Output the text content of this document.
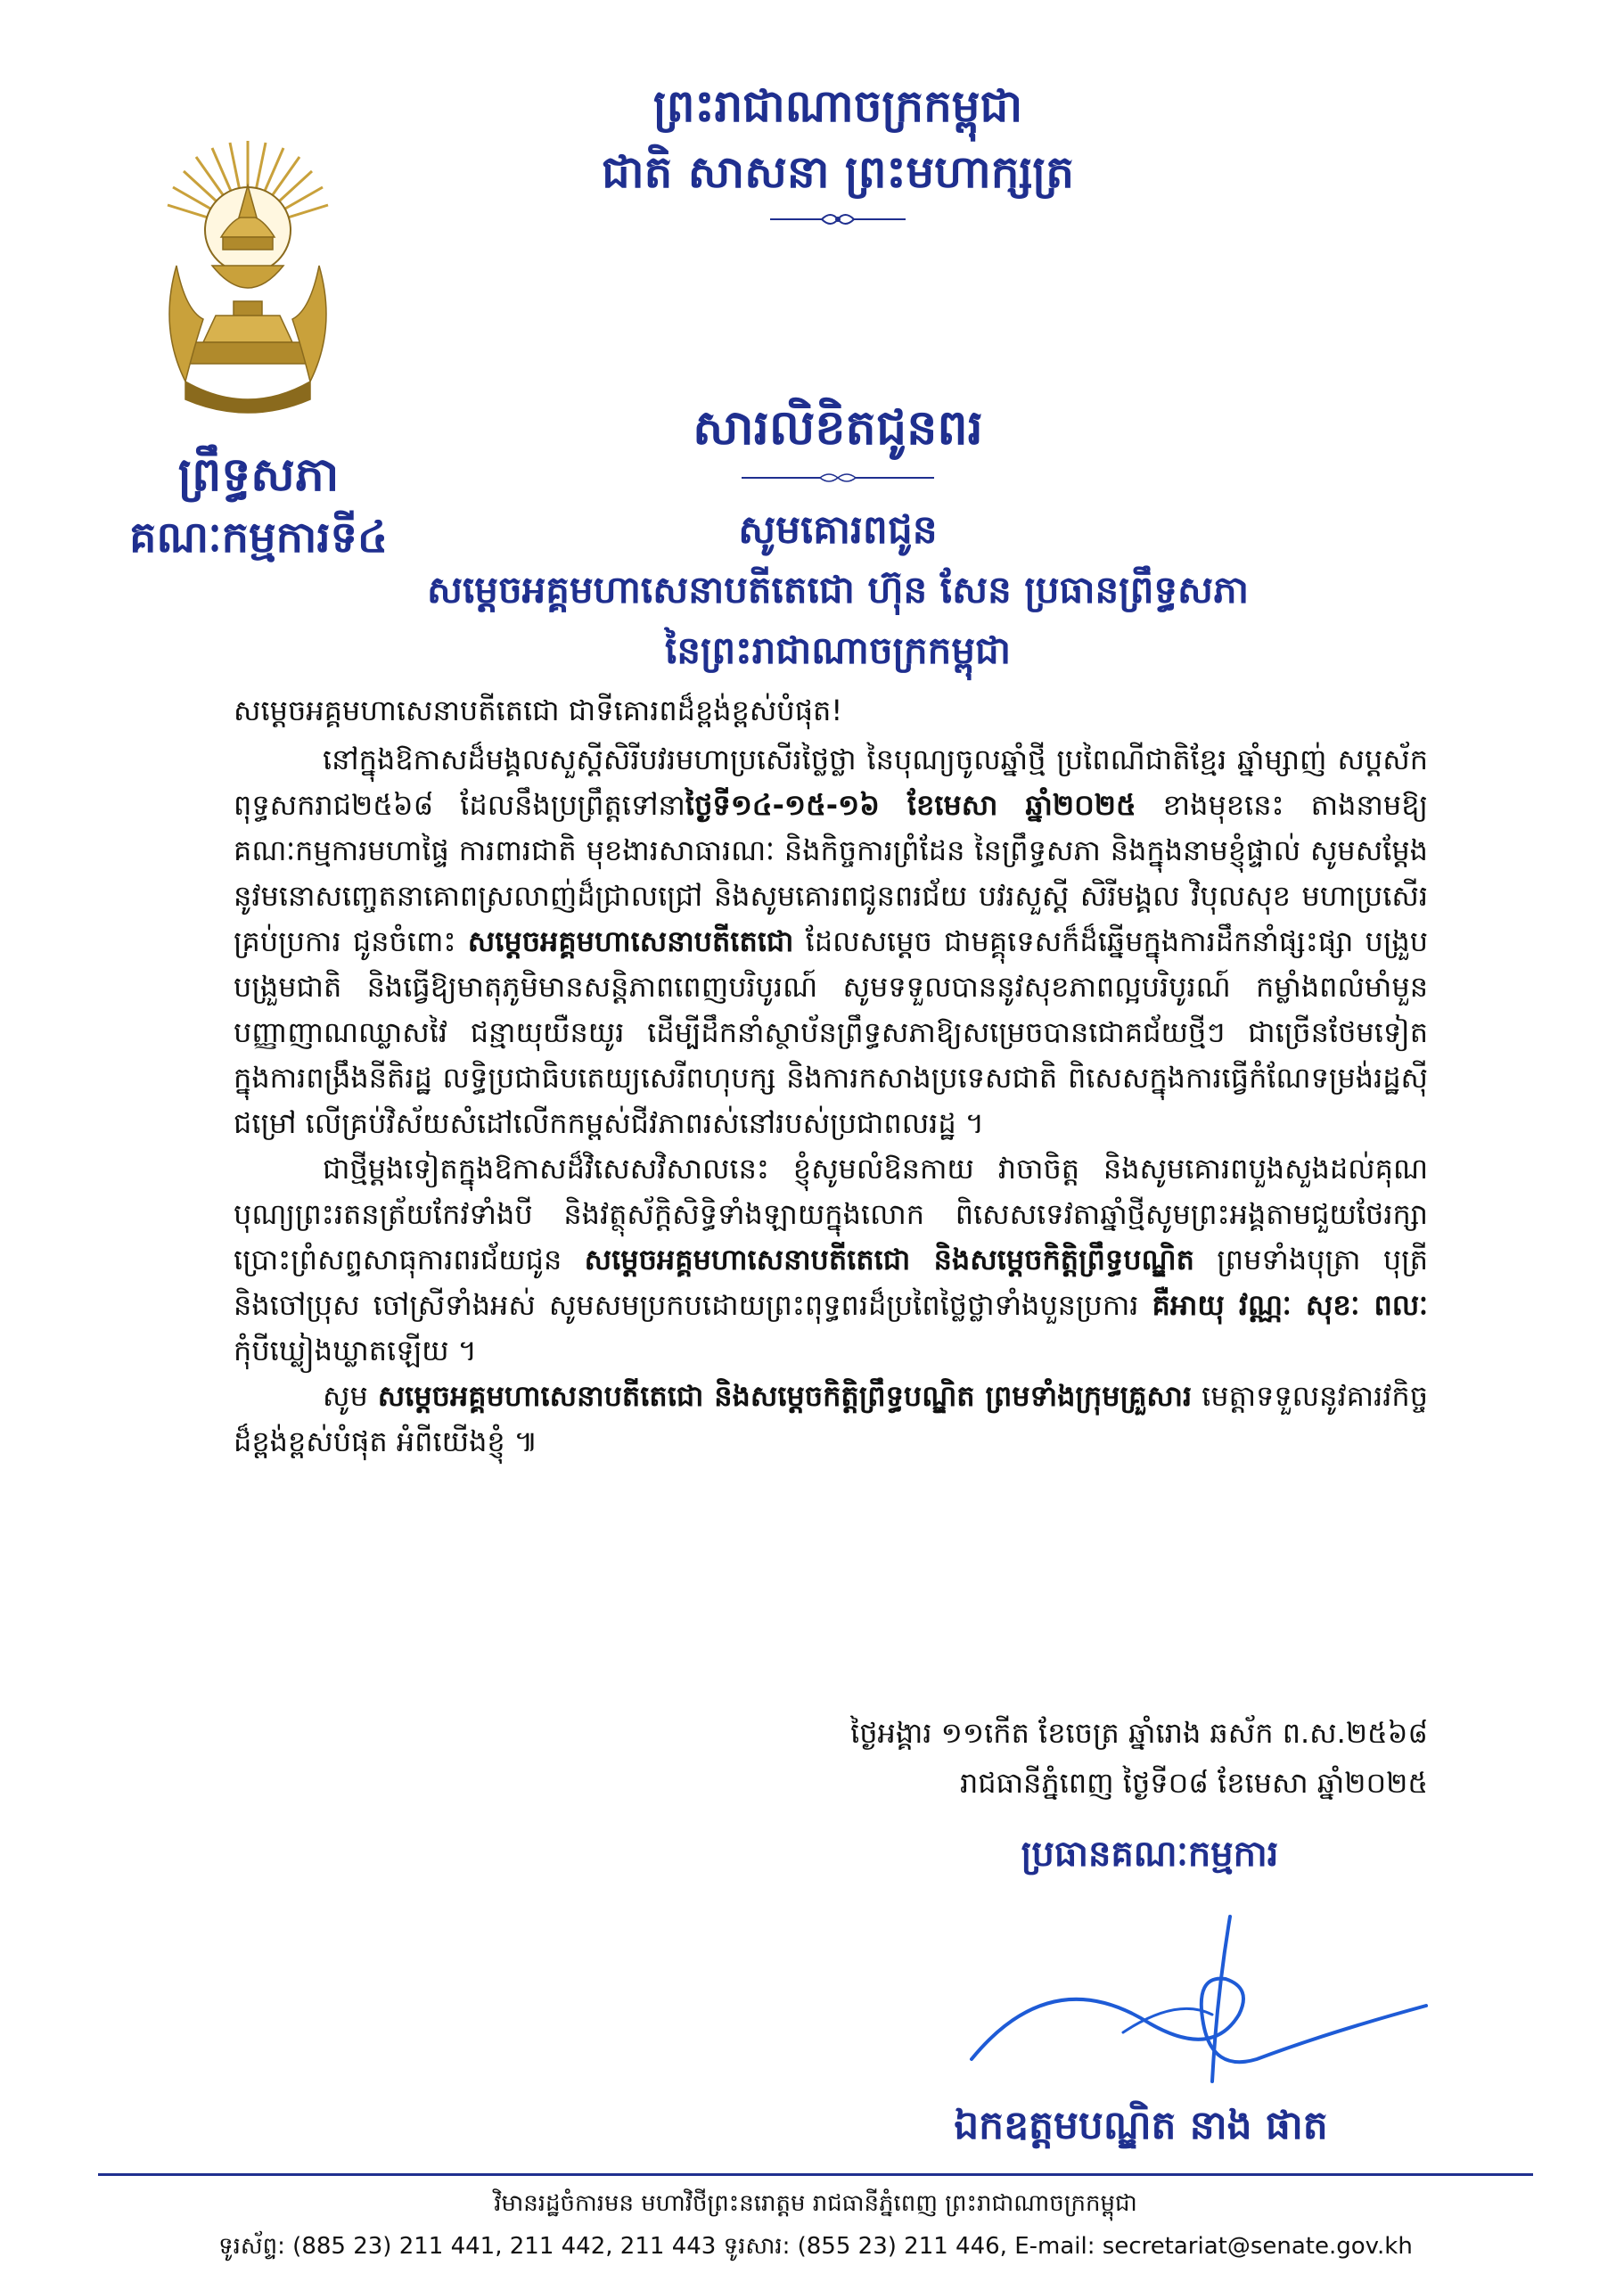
ព្រះរាជាណាចក្រកម្ពុជា
ជាតិ សាសនា ព្រះមហាក្សត្រ
ព្រឹទ្ធសភា
គណៈកម្មការទី៤
សារលិខិតជូនពរ
សូមគោរពជូន
សម្ដេចអគ្គមហាសេនាបតីតេជោ ហ៊ុន សែន ប្រធានព្រឹទ្ធសភា
នៃព្រះរាជាណាចក្រកម្ពុជា

សម្ដេចអគ្គមហាសេនាបតីតេជោ ជាទីគោរពដ៏ខ្ពង់ខ្ពស់បំផុត!

នៅក្នុងឱកាសដ៏មង្គលសួស្ដីសិរីបវរមហាប្រសើរថ្លៃថ្លា នៃបុណ្យចូលឆ្នាំថ្មី ប្រពៃណីជាតិខ្មែរ ឆ្នាំម្សាញ់ សប្តស័ក ពុទ្ធសករាជ២៥៦៨ ដែលនឹងប្រព្រឹត្តទៅនាថ្ងៃទី១៤-១៥-១៦ ខែមេសា ឆ្នាំ២០២៥ ខាងមុខនេះ តាងនាមឱ្យគណៈកម្មការមហាផ្ទៃ ការពារជាតិ មុខងារសាធារណៈ និងកិច្ចការព្រំដែន នៃព្រឹទ្ធសភា និងក្នុងនាមខ្ញុំផ្ទាល់ សូមសម្ដែងនូវមនោសញ្ចេតនាគោពស្រលាញ់ដ៏ជ្រាលជ្រៅ និងសូមគោរពជូនពរជ័យ បវរសួស្ដី សិរីមង្គល វិបុលសុខ មហាប្រសើរគ្រប់ប្រការ ជូនចំពោះ សម្ដេចអគ្គមហាសេនាបតីតេជោ ដែលសម្ដេច ជាមគ្គុទេសក៏ដ៏ឆ្នើមក្នុងការដឹកនាំផ្សះផ្សា បង្រួបបង្រួមជាតិ និងធ្វើឱ្យមាតុភូមិមានសន្តិភាពពេញបរិបូរណ៍ សូមទទួលបាននូវសុខភាពល្អបរិបូរណ៍ កម្លាំងពលំមាំមួន បញ្ញាញាណឈ្លាសវៃ ជន្មាយុយឺនយូរ ដើម្បីដឹកនាំស្ថាប័នព្រឹទ្ធសភាឱ្យសម្រេចបានជោគជ័យថ្មីៗ ជាច្រើនថែមទៀត ក្នុងការពង្រឹងនីតិរដ្ឋ លទ្ធិប្រជាធិបតេយ្យសេរីពហុបក្ស និងការកសាងប្រទេសជាតិ ពិសេសក្នុងការធ្វើកំណែទម្រង់រដ្ឋស៊ីជម្រៅ លើគ្រប់វិស័យសំដៅលើកកម្ពស់ជីវភាពរស់នៅរបស់ប្រជាពលរដ្ឋ ។

ជាថ្មីម្ដងទៀតក្នុងឱកាសដ៏វិសេសវិសាលនេះ ខ្ញុំសូមលំឱនកាយ វាចាចិត្ត និងសូមគោរពបួងសួងដល់គុណបុណ្យព្រះរតនត្រ័យកែវទាំងបី និងវត្ថុស័ក្តិសិទ្ធិទាំងឡាយក្នុងលោក ពិសេសទេវតាឆ្នាំថ្មីសូមព្រះអង្គតាមជួយថែរក្សា ប្រោះព្រំសព្ទសាធុការពរជ័យជូន សម្ដេចអគ្គមហាសេនាបតីតេជោ និងសម្ដេចកិត្តិព្រឹទ្ធបណ្ឌិត ព្រមទាំងបុត្រា បុត្រី និងចៅប្រុស ចៅស្រីទាំងអស់ សូមសមប្រកបដោយព្រះពុទ្ធពរដ៏ប្រពៃថ្លៃថ្លាទាំងបួនប្រការ គឺអាយុ វណ្ណៈ សុខៈ ពលៈ កុំបីឃ្លៀងឃ្លាតឡើយ ។

សូម សម្ដេចអគ្គមហាសេនាបតីតេជោ និងសម្ដេចកិត្តិព្រឹទ្ធបណ្ឌិត ព្រមទាំងក្រុមគ្រួសារ មេត្តាទទួលនូវគារវកិច្ចដ៏ខ្ពង់ខ្ពស់បំផុត អំពីយើងខ្ញុំ ៕

ថ្ងៃអង្គារ ១១កើត ខែចេត្រ ឆ្នាំរោង ឆស័ក ព.ស.២៥៦៨
រាជធានីភ្នំពេញ ថ្ងៃទី០៨ ខែមេសា ឆ្នាំ២០២៥
ប្រធានគណៈកម្មការ
ឯកឧត្តមបណ្ឌិត នាង ផាត
វិមានរដ្ឋចំការមន មហាវិថីព្រះនរោត្តម រាជធានីភ្នំពេញ ព្រះរាជាណាចក្រកម្ពុជា
ទូរស័ព្ទ: (885 23) 211 441, 211 442, 211 443 ទូរសារ: (855 23) 211 446, E-mail: secretariat@senate.gov.kh
